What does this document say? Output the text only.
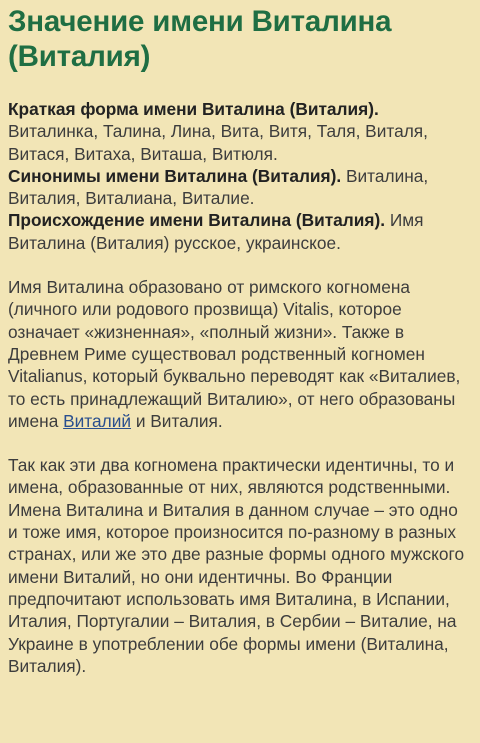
Значение имени Виталина (Виталия)

Краткая форма имени Виталина (Виталия). Виталинка, Талина, Лина, Вита, Витя, Таля, Виталя, Витася, Витаха, Виташа, Витюля.

Синонимы имени Виталина (Виталия). Виталина, Виталия, Виталиана, Виталие.

Происхождение имени Виталина (Виталия). Имя Виталина (Виталия) русское, украинское.

Имя Виталина образовано от римского когномена (личного или родового прозвища) Vitalis, которое означает «жизненная», «полный жизни». Также в Древнем Риме существовал родственный когномен Vitalianus, который буквально переводят как «Виталиев, то есть принадлежащий Виталию», от него образованы имена Виталий и Виталия.

Так как эти два когномена практически идентичны, то и имена, образованные от них, являются родственными. Имена Виталина и Виталия в данном случае – это одно и тоже имя, которое произносится по-разному в разных странах, или же это две разные формы одного мужского имени Виталий, но они идентичны. Во Франции предпочитают использовать имя Виталина, в Испании, Италия, Португалии – Виталия, в Сербии – Виталие, на Украине в употреблении обе формы имени (Виталина, Виталия).
